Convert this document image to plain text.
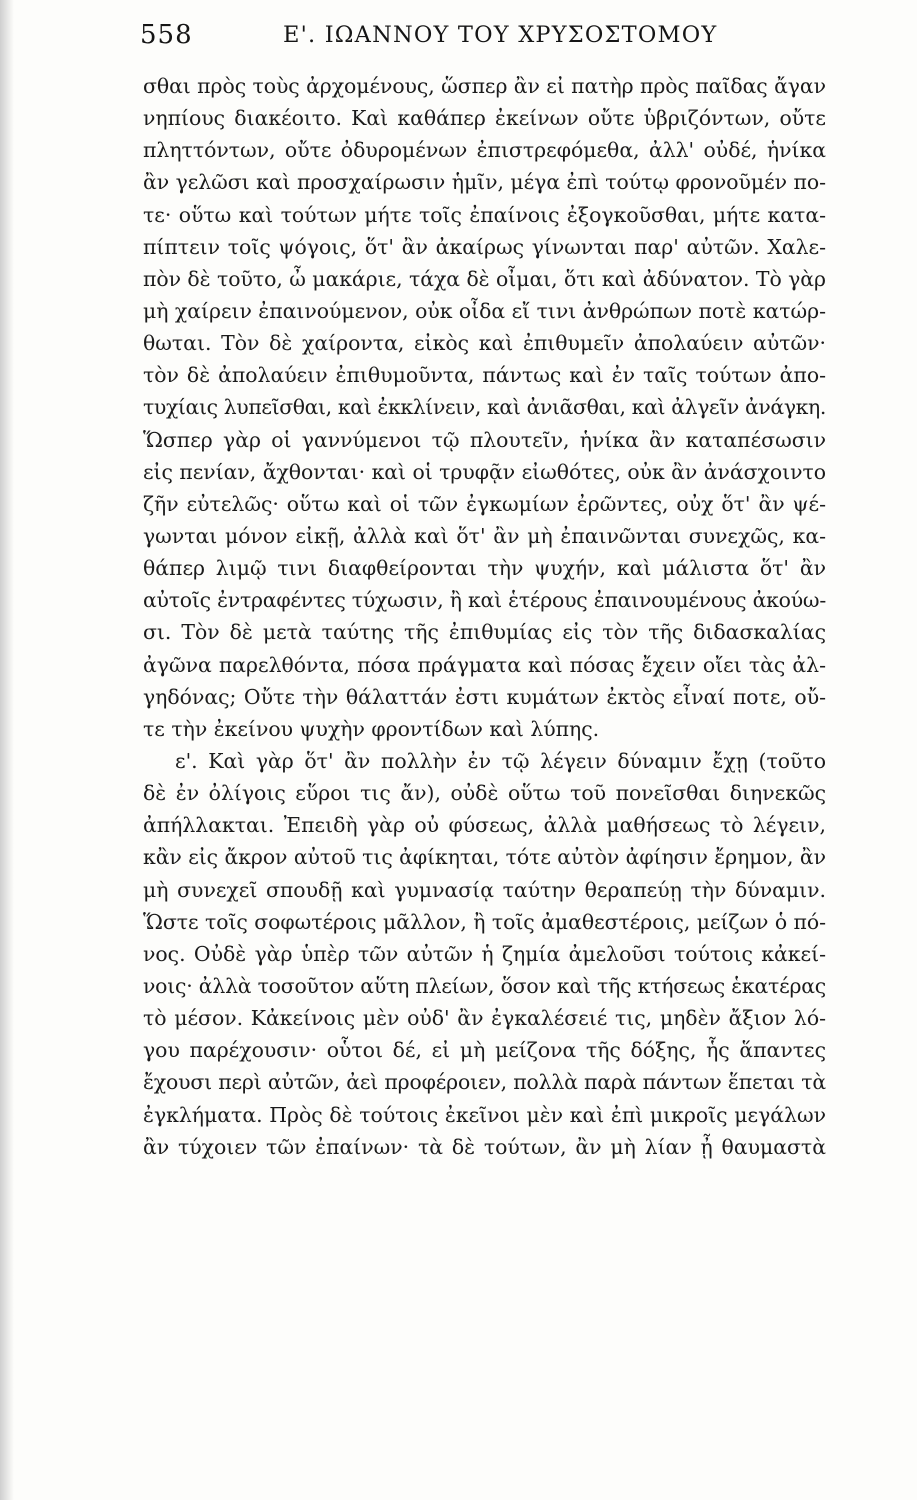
558	Ε'. ΙΩΑΝΝΟΥ ΤΟΥ ΧΡΥΣΟΣΤΟΜΟΥ
σθαι πρὸς τοὺς ἀρχομένους, ὥσπερ ἂν εἰ πατὴρ πρὸς παῖδας ἄγαν
νηπίους διακέοιτο. Καὶ καθάπερ ἐκείνων οὔτε ὑβριζόντων, οὔτε
πληττόντων, οὔτε ὀδυρομένων ἐπιστρεφόμεθα, ἀλλ' οὐδέ, ἡνίκα
ἂν γελῶσι καὶ προσχαίρωσιν ἡμῖν, μέγα ἐπὶ τούτῳ φρονοῦμέν πο-
τε· οὕτω καὶ τούτων μήτε τοῖς ἐπαίνοις ἐξογκοῦσθαι, μήτε κατα-
πίπτειν τοῖς ψόγοις, ὅτ' ἂν ἀκαίρως γίνωνται παρ' αὐτῶν. Χαλε-
πὸν δὲ τοῦτο, ὦ μακάριε, τάχα δὲ οἶμαι, ὅτι καὶ ἀδύνατον. Τὸ γὰρ
μὴ χαίρειν ἐπαινούμενον, οὐκ οἶδα εἴ τινι ἀνθρώπων ποτὲ κατώρ-
θωται. Τὸν δὲ χαίροντα, εἰκὸς καὶ ἐπιθυμεῖν ἀπολαύειν αὐτῶν·
τὸν δὲ ἀπολαύειν ἐπιθυμοῦντα, πάντως καὶ ἐν ταῖς τούτων ἀπο-
τυχίαις λυπεῖσθαι, καὶ ἐκκλίνειν, καὶ ἀνιᾶσθαι, καὶ ἀλγεῖν ἀνάγκη.
Ὥσπερ γὰρ οἱ γαννύμενοι τῷ πλουτεῖν, ἡνίκα ἂν καταπέσωσιν
εἰς πενίαν, ἄχθονται· καὶ οἱ τρυφᾷν εἰωθότες, οὐκ ἂν ἀνάσχοιντο
ζῆν εὐτελῶς· οὕτω καὶ οἱ τῶν ἐγκωμίων ἐρῶντες, οὐχ ὅτ' ἂν ψέ-
γωνται μόνον εἰκῇ, ἀλλὰ καὶ ὅτ' ἂν μὴ ἐπαινῶνται συνεχῶς, κα-
θάπερ λιμῷ τινι διαφθείρονται τὴν ψυχήν, καὶ μάλιστα ὅτ' ἂν
αὐτοῖς ἐντραφέντες τύχωσιν, ἢ καὶ ἑτέρους ἐπαινουμένους ἀκούω-
σι. Τὸν δὲ μετὰ ταύτης τῆς ἐπιθυμίας εἰς τὸν τῆς διδασκαλίας
ἀγῶνα παρελθόντα, πόσα πράγματα καὶ πόσας ἔχειν οἴει τὰς ἀλ-
γηδόνας; Οὔτε τὴν θάλαττάν ἐστι κυμάτων ἐκτὸς εἶναί ποτε, οὔ-
τε τὴν ἐκείνου ψυχὴν φροντίδων καὶ λύπης.
ε'. Καὶ γὰρ ὅτ' ἂν πολλὴν ἐν τῷ λέγειν δύναμιν ἔχῃ (τοῦτο
δὲ ἐν ὀλίγοις εὕροι τις ἄν), οὐδὲ οὕτω τοῦ πονεῖσθαι διηνεκῶς
ἀπήλλακται. Ἐπειδὴ γὰρ οὐ φύσεως, ἀλλὰ μαθήσεως τὸ λέγειν,
κἂν εἰς ἄκρον αὐτοῦ τις ἀφίκηται, τότε αὐτὸν ἀφίησιν ἔρημον, ἂν
μὴ συνεχεῖ σπουδῇ καὶ γυμνασίᾳ ταύτην θεραπεύῃ τὴν δύναμιν.
Ὥστε τοῖς σοφωτέροις μᾶλλον, ἢ τοῖς ἀμαθεστέροις, μείζων ὁ πό-
νος. Οὐδὲ γὰρ ὑπὲρ τῶν αὐτῶν ἡ ζημία ἀμελοῦσι τούτοις κἀκεί-
νοις· ἀλλὰ τοσοῦτον αὕτη πλείων, ὅσον καὶ τῆς κτήσεως ἑκατέρας
τὸ μέσον. Κἀκείνοις μὲν οὐδ' ἂν ἐγκαλέσειέ τις, μηδὲν ἄξιον λό-
γου παρέχουσιν· οὗτοι δέ, εἰ μὴ μείζονα τῆς δόξης, ἧς ἅπαντες
ἔχουσι περὶ αὐτῶν, ἀεὶ προφέροιεν, πολλὰ παρὰ πάντων ἕπεται τὰ
ἐγκλήματα. Πρὸς δὲ τούτοις ἐκεῖνοι μὲν καὶ ἐπὶ μικροῖς μεγάλων
ἂν τύχοιεν τῶν ἐπαίνων· τὰ δὲ τούτων, ἂν μὴ λίαν ᾖ θαυμαστὰ
